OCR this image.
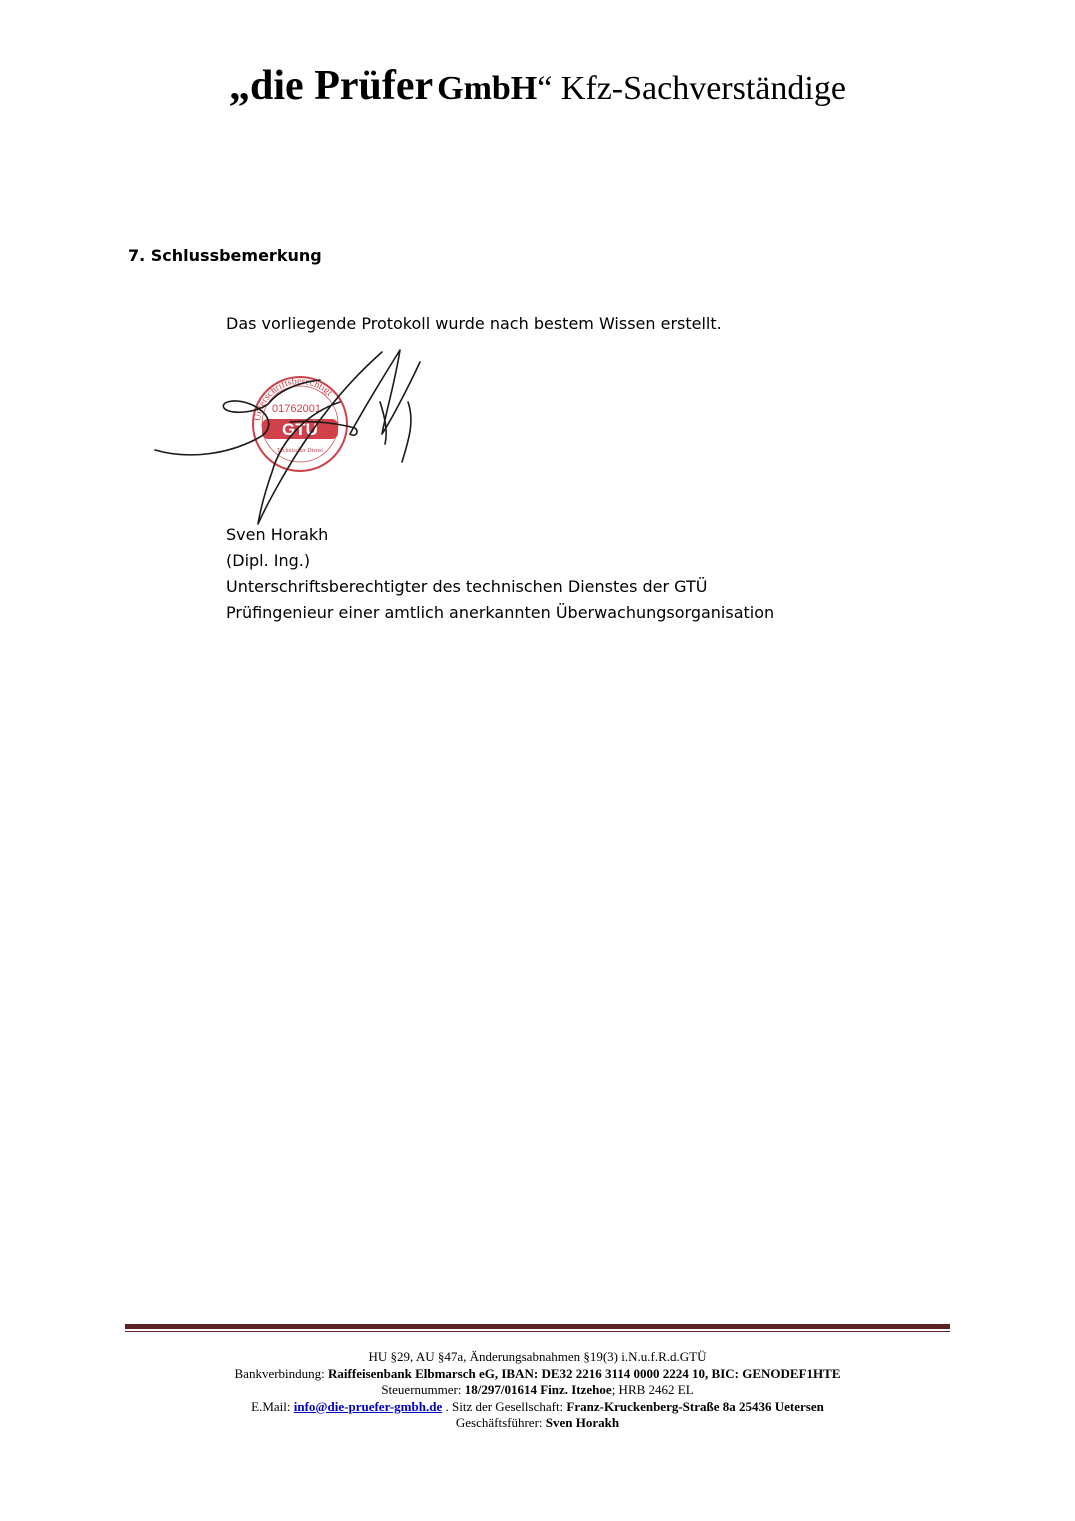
„die Prüfer GmbH“ Kfz-Sachverständige
7. Schlussbemerkung
Das vorliegende Protokoll wurde nach bestem Wissen erstellt.
Unterschriftsberechtigt
01762001
GTÜ
Technischer Dienst
Sven Horakh
(Dipl. Ing.)
Unterschriftsberechtigter des technischen Dienstes der GTÜ
Prüfingenieur einer amtlich anerkannten Überwachungsorganisation
HU §29, AU §47a, Änderungsabnahmen §19(3) i.N.u.f.R.d.GTÜ
Bankverbindung: Raiffeisenbank Elbmarsch eG, IBAN: DE32 2216 3114 0000 2224 10, BIC: GENODEF1HTE
Steuernummer: 18/297/01614 Finz. Itzehoe; HRB 2462 EL
E.Mail: info@die-pruefer-gmbh.de . Sitz der Gesellschaft: Franz-Kruckenberg-Straße 8a 25436 Uetersen
Geschäftsführer: Sven Horakh
